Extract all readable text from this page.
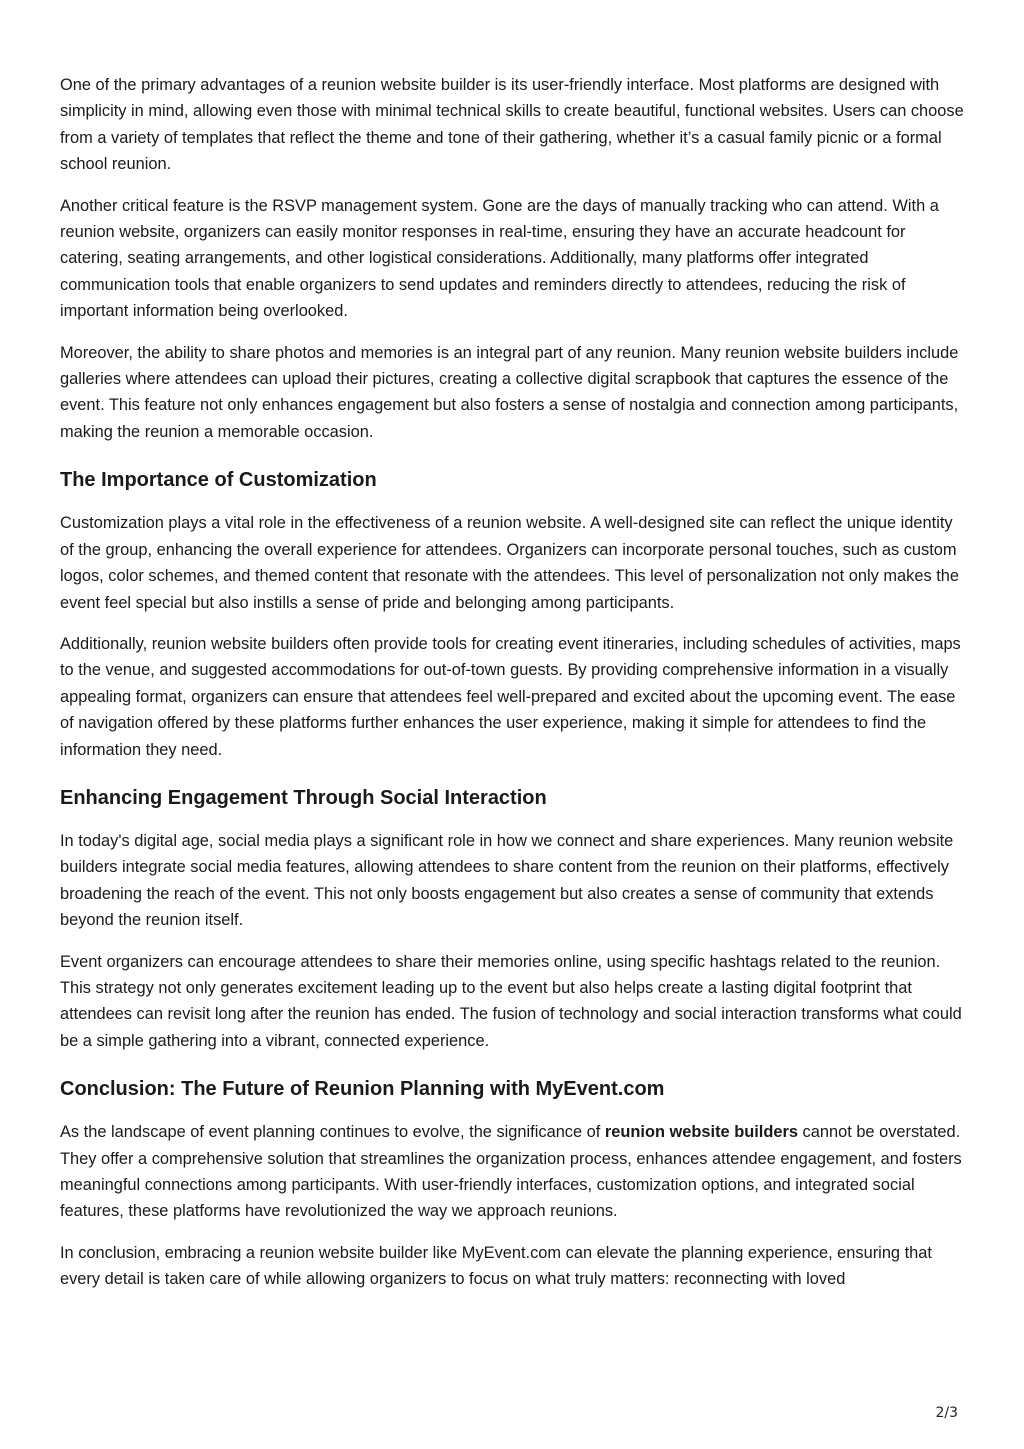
One of the primary advantages of a reunion website builder is its user-friendly interface. Most platforms are designed with simplicity in mind, allowing even those with minimal technical skills to create beautiful, functional websites. Users can choose from a variety of templates that reflect the theme and tone of their gathering, whether it’s a casual family picnic or a formal school reunion.

Another critical feature is the RSVP management system. Gone are the days of manually tracking who can attend. With a reunion website, organizers can easily monitor responses in real-time, ensuring they have an accurate headcount for catering, seating arrangements, and other logistical considerations. Additionally, many platforms offer integrated communication tools that enable organizers to send updates and reminders directly to attendees, reducing the risk of important information being overlooked.

Moreover, the ability to share photos and memories is an integral part of any reunion. Many reunion website builders include galleries where attendees can upload their pictures, creating a collective digital scrapbook that captures the essence of the event. This feature not only enhances engagement but also fosters a sense of nostalgia and connection among participants, making the reunion a memorable occasion.

The Importance of Customization

Customization plays a vital role in the effectiveness of a reunion website. A well-designed site can reflect the unique identity of the group, enhancing the overall experience for attendees. Organizers can incorporate personal touches, such as custom logos, color schemes, and themed content that resonate with the attendees. This level of personalization not only makes the event feel special but also instills a sense of pride and belonging among participants.

Additionally, reunion website builders often provide tools for creating event itineraries, including schedules of activities, maps to the venue, and suggested accommodations for out-of-town guests. By providing comprehensive information in a visually appealing format, organizers can ensure that attendees feel well-prepared and excited about the upcoming event. The ease of navigation offered by these platforms further enhances the user experience, making it simple for attendees to find the information they need.

Enhancing Engagement Through Social Interaction

In today's digital age, social media plays a significant role in how we connect and share experiences. Many reunion website builders integrate social media features, allowing attendees to share content from the reunion on their platforms, effectively broadening the reach of the event. This not only boosts engagement but also creates a sense of community that extends beyond the reunion itself.

Event organizers can encourage attendees to share their memories online, using specific hashtags related to the reunion. This strategy not only generates excitement leading up to the event but also helps create a lasting digital footprint that attendees can revisit long after the reunion has ended. The fusion of technology and social interaction transforms what could be a simple gathering into a vibrant, connected experience.

Conclusion: The Future of Reunion Planning with MyEvent.com

As the landscape of event planning continues to evolve, the significance of reunion website builders cannot be overstated. They offer a comprehensive solution that streamlines the organization process, enhances attendee engagement, and fosters meaningful connections among participants. With user-friendly interfaces, customization options, and integrated social features, these platforms have revolutionized the way we approach reunions.

In conclusion, embracing a reunion website builder like MyEvent.com can elevate the planning experience, ensuring that every detail is taken care of while allowing organizers to focus on what truly matters: reconnecting with loved

2/3
